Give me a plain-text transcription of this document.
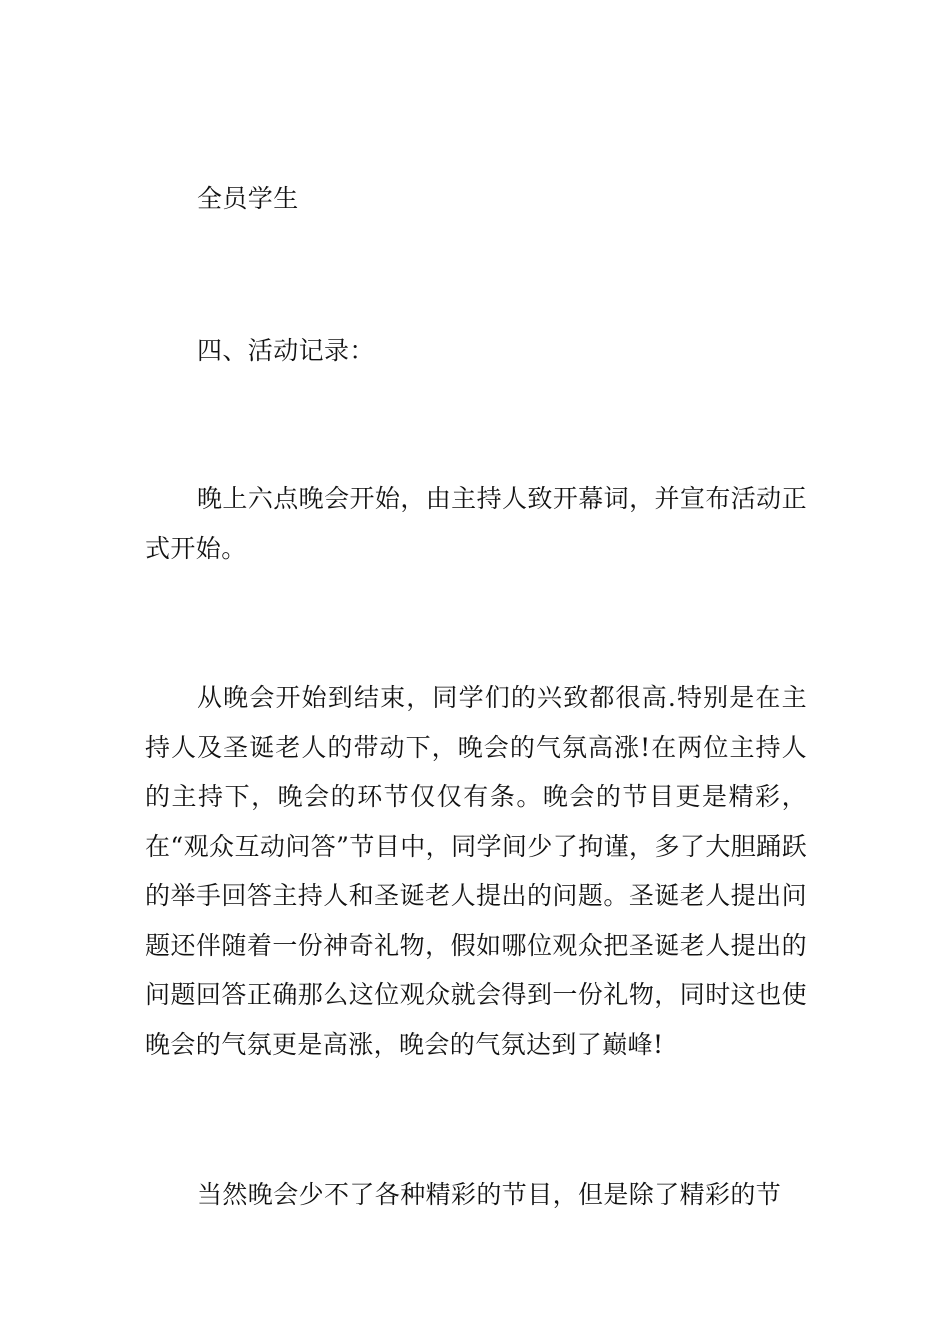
全员学生

四、活动记录：

晚上六点晚会开始，由主持人致开幕词，并宣布活动正式开始。

从晚会开始到结束，同学们的兴致都很高.特别是在主持人及圣诞老人的带动下，晚会的气氛高涨!在两位主持人的主持下，晚会的环节仅仅有条。晚会的节目更是精彩，在“观众互动问答”节目中，同学间少了拘谨，多了大胆踊跃的举手回答主持人和圣诞老人提出的问题。圣诞老人提出问题还伴随着一份神奇礼物，假如哪位观众把圣诞老人提出的问题回答正确那么这位观众就会得到一份礼物，同时这也使晚会的气氛更是高涨，晚会的气氛达到了巅峰!

当然晚会少不了各种精彩的节目，但是除了精彩的节
